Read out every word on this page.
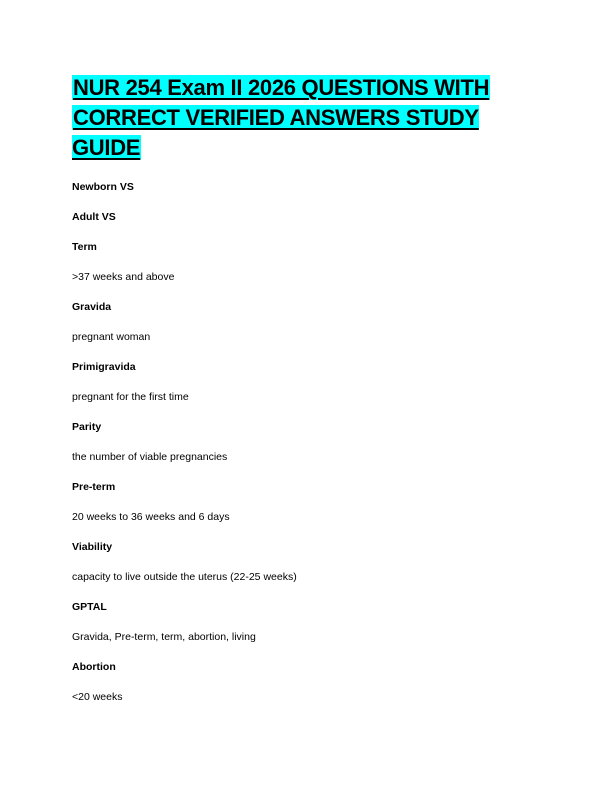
NUR 254 Exam II 2026 QUESTIONS WITH
CORRECT VERIFIED ANSWERS STUDY GUIDE
Newborn VS
Adult VS
Term
>37 weeks and above
Gravida
pregnant woman
Primigravida
pregnant for the first time
Parity
the number of viable pregnancies
Pre-term
20 weeks to 36 weeks and 6 days
Viability
capacity to live outside the uterus (22-25 weeks)
GPTAL
Gravida, Pre-term, term, abortion, living
Abortion
<20 weeks
